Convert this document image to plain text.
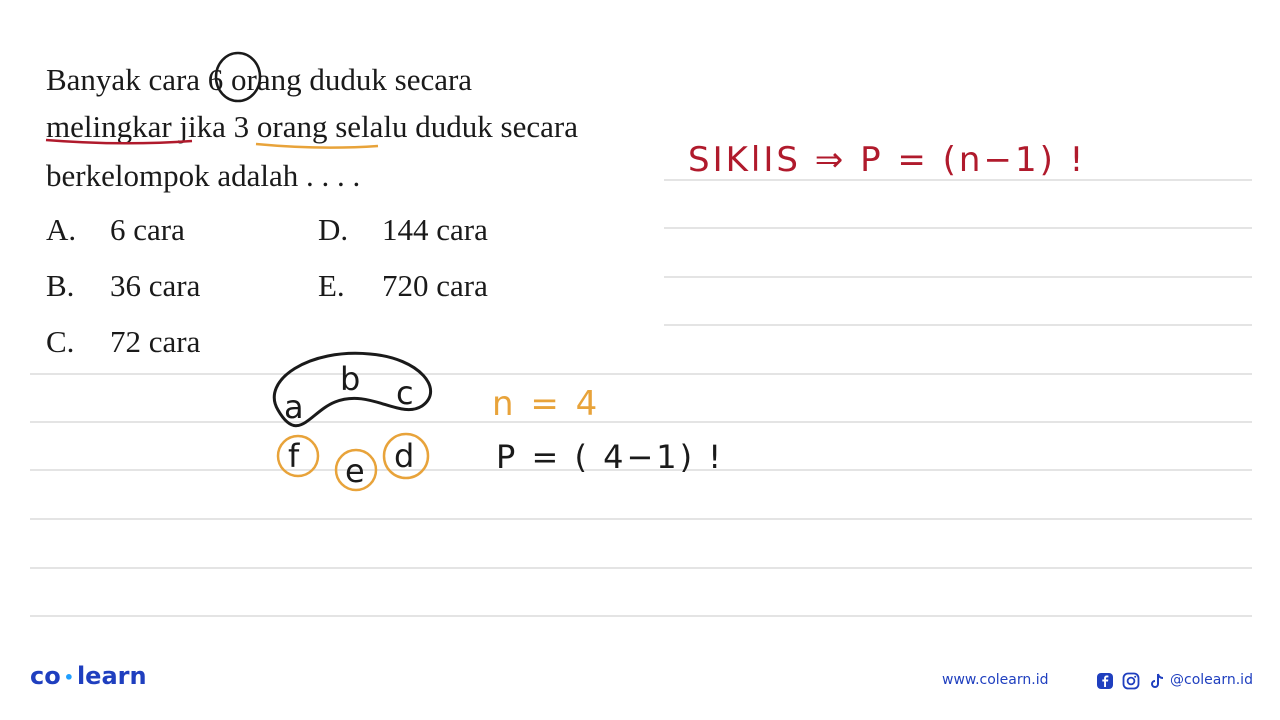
Banyak cara 6 orang duduk secara
melingkar jika 3 orang selalu duduk secara
berkelompok adalah . . . .
A. 6 cara
B. 36 cara
C. 72 cara
D. 144 cara
E. 720 cara
SIKlIS ⇒ P = (n−1) !
a
b c
f e d
n = 4
P = ( 4−1) !
co • learn	www.colearn.id	@colearn.id
